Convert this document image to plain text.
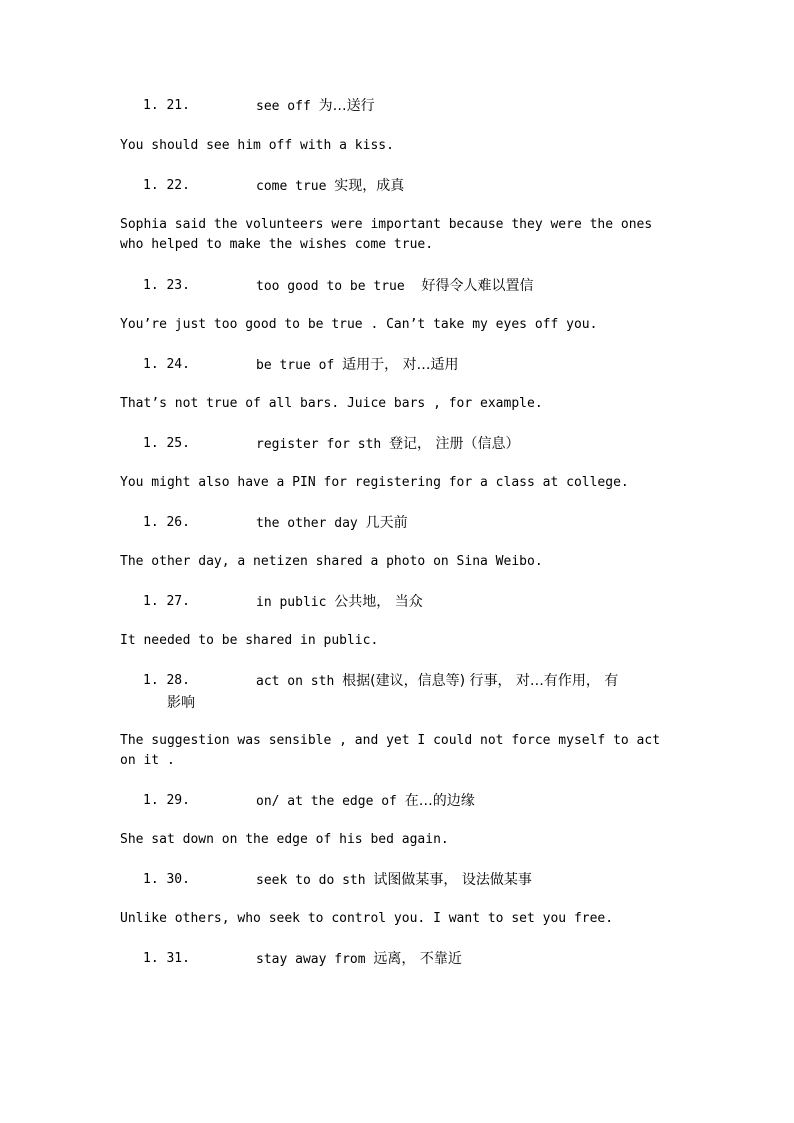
1. 21.	see off 为…送行
You should see him off with a kiss.
1. 22.	come true 实现，成真
Sophia said the volunteers were important because they were the ones who helped to make the wishes come true.
1. 23.	too good to be true   好得令人难以置信
You’re just too good to be true . Can’t take my eyes off you.
1. 24.	be true of 适用于， 对…适用
That’s not true of all bars. Juice bars , for example.
1. 25.	register for sth 登记， 注册（信息）
You might also have a PIN for registering for a class at college.
1. 26.	the other day 几天前
The other day, a netizen shared a photo on Sina Weibo.
1. 27.	in public 公共地， 当众
It needed to be shared in public.
1. 28.	act on sth 根据(建议，信息等) 行事， 对…有作用， 有
影响
The suggestion was sensible , and yet I could not force myself to act on it .
1. 29.	on/ at the edge of 在…的边缘
She sat down on the edge of his bed again.
1. 30.	seek to do sth 试图做某事， 设法做某事
Unlike others, who seek to control you. I want to set you free.
1. 31.	stay away from 远离， 不靠近
